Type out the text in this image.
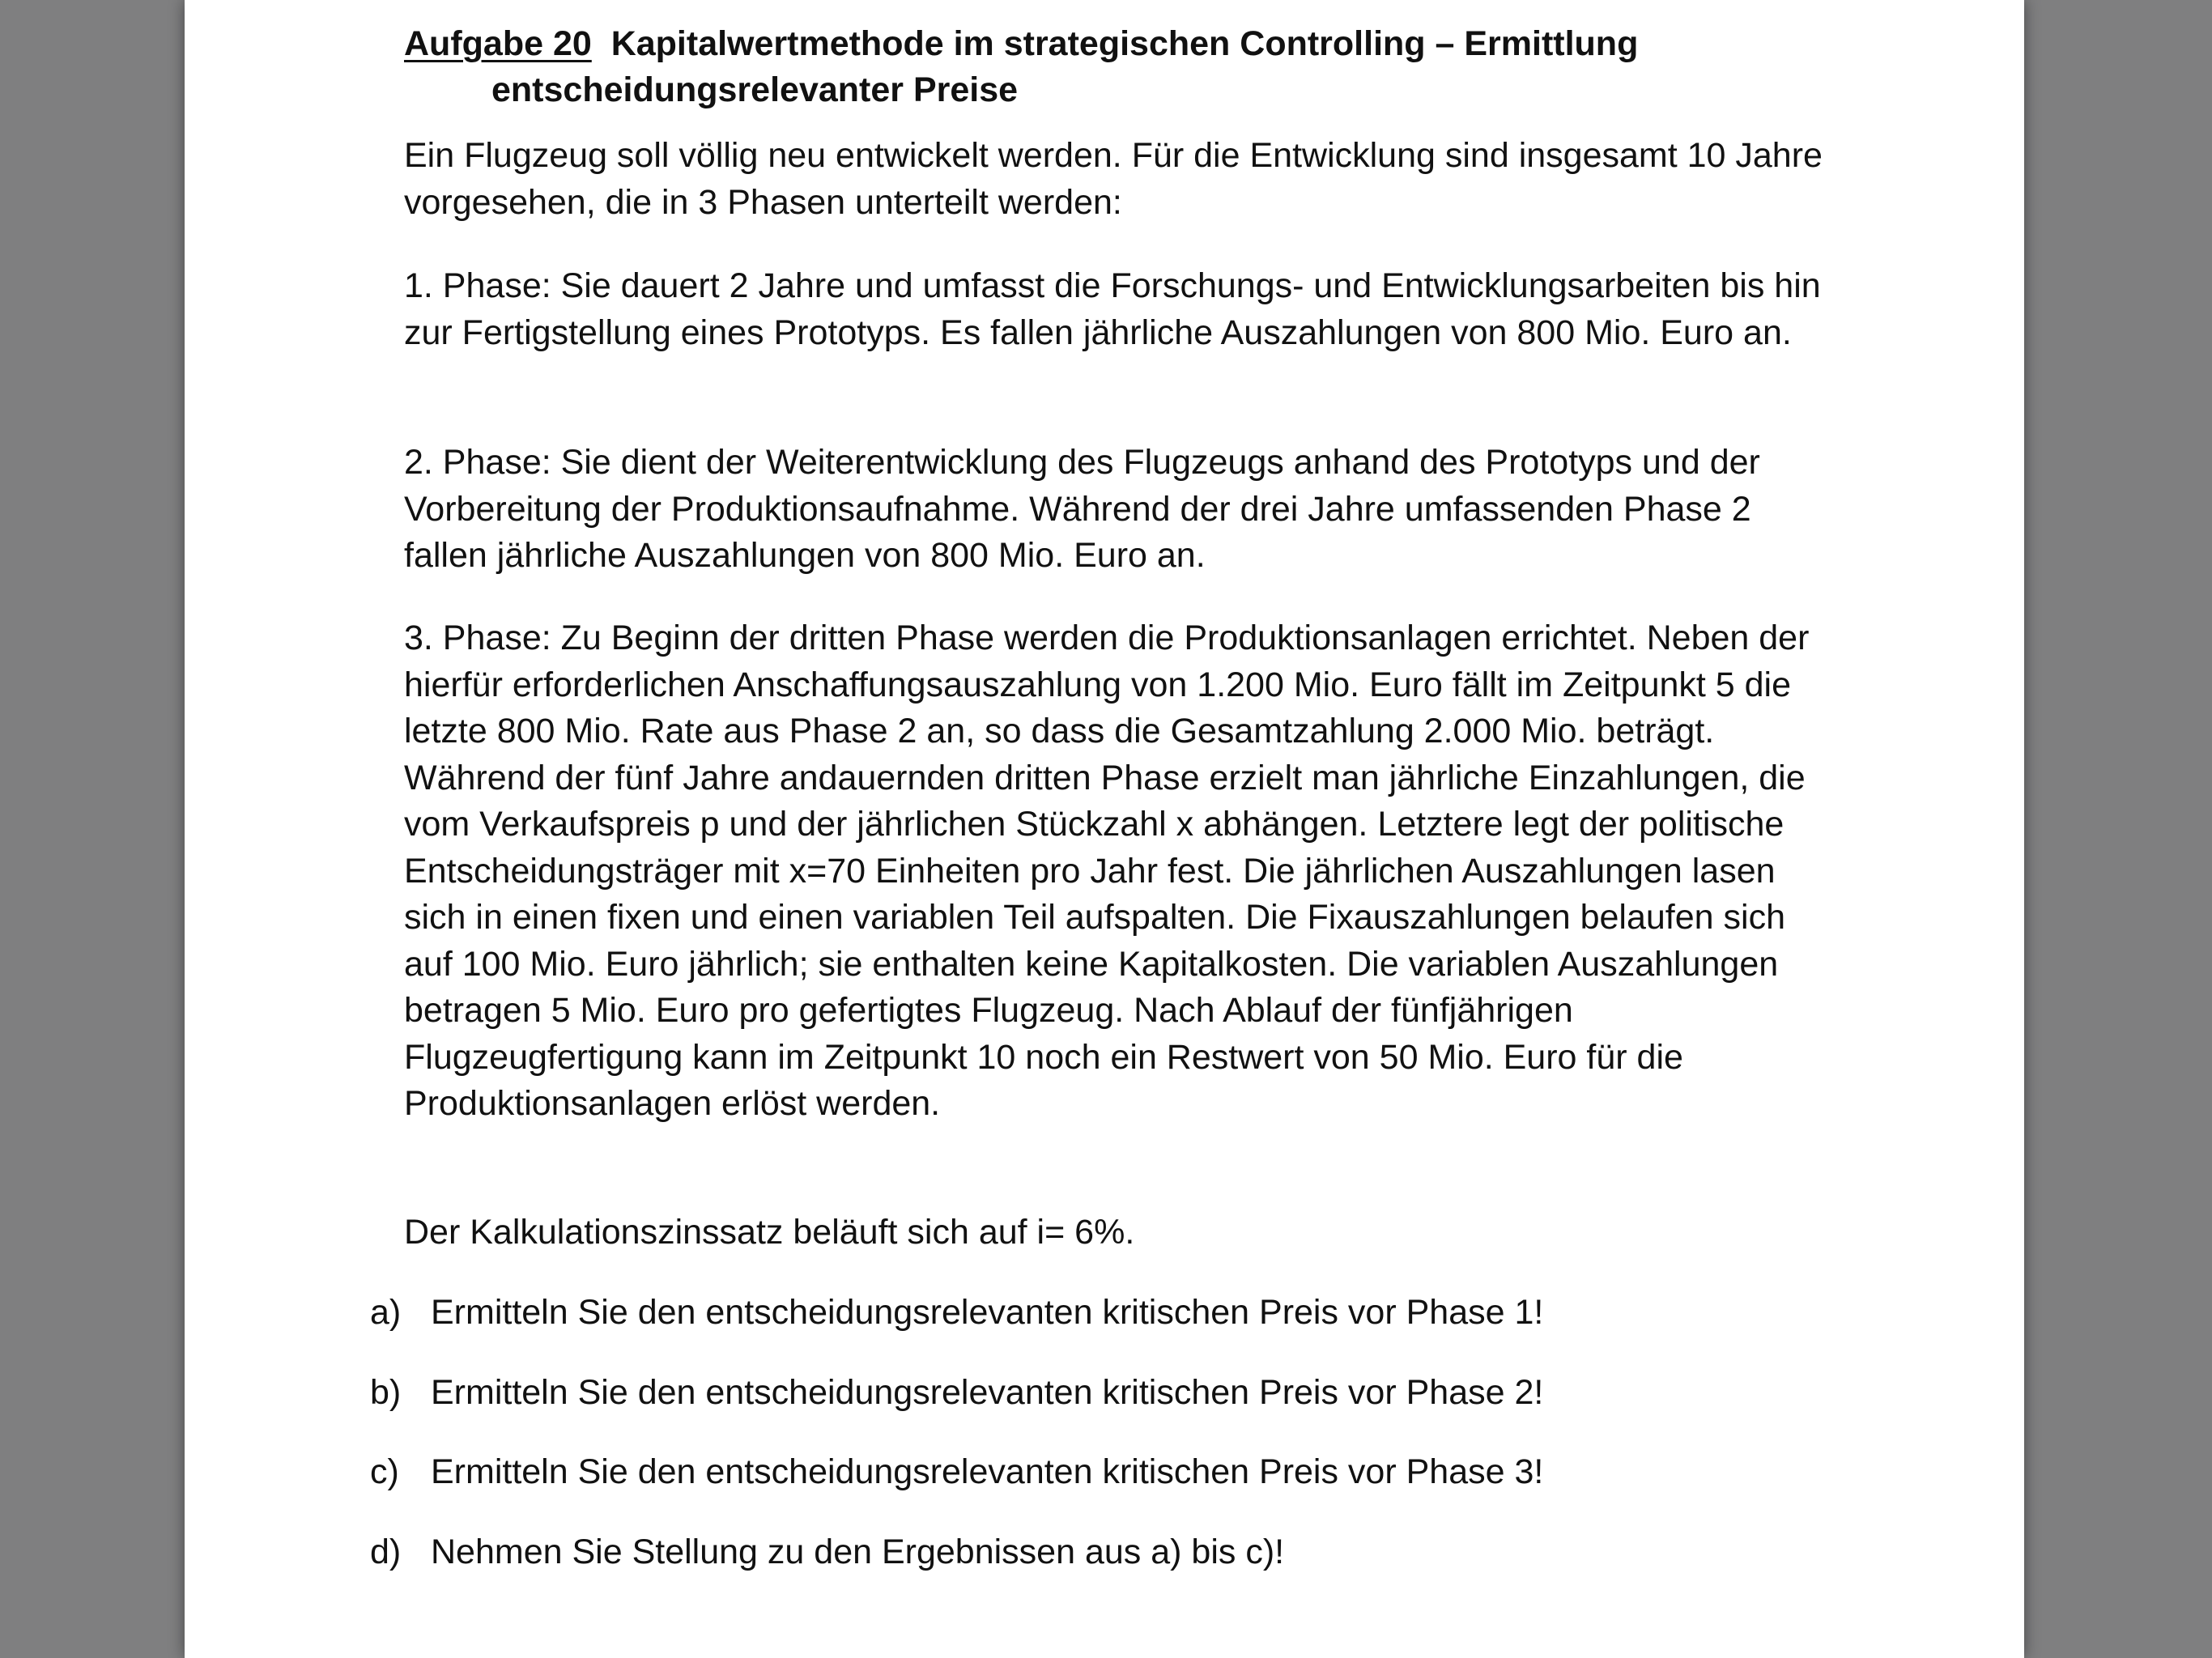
Aufgabe 20 Kapitalwertmethode im strategischen Controlling – Ermittlung
entscheidungsrelevanter Preise

Ein Flugzeug soll völlig neu entwickelt werden. Für die Entwicklung sind insgesamt 10 Jahre vorgesehen, die in 3 Phasen unterteilt werden:

1. Phase: Sie dauert 2 Jahre und umfasst die Forschungs- und Entwicklungsarbeiten bis hin zur Fertigstellung eines Prototyps. Es fallen jährliche Auszahlungen von 800 Mio. Euro an.

2. Phase: Sie dient der Weiterentwicklung des Flugzeugs anhand des Prototyps und der Vorbereitung der Produktionsaufnahme. Während der drei Jahre umfassenden Phase 2 fallen jährliche Auszahlungen von 800 Mio. Euro an.

3. Phase: Zu Beginn der dritten Phase werden die Produktionsanlagen errichtet. Neben der hierfür erforderlichen Anschaffungsauszahlung von 1.200 Mio. Euro fällt im Zeitpunkt 5 die letzte 800 Mio. Rate aus Phase 2 an, so dass die Gesamtzahlung 2.000 Mio. beträgt. Während der fünf Jahre andauernden dritten Phase erzielt man jährliche Einzahlungen, die vom Verkaufspreis p und der jährlichen Stückzahl x abhängen. Letztere legt der politische Entscheidungsträger mit x=70 Einheiten pro Jahr fest. Die jährlichen Auszahlungen lasen sich in einen fixen und einen variablen Teil aufspalten. Die Fixauszahlungen belaufen sich auf 100 Mio. Euro jährlich; sie enthalten keine Kapitalkosten. Die variablen Auszahlungen betragen 5 Mio. Euro pro gefertigtes Flugzeug. Nach Ablauf der fünfjährigen Flugzeugfertigung kann im Zeitpunkt 10 noch ein Restwert von 50 Mio. Euro für die Produktionsanlagen erlöst werden.

Der Kalkulationszinssatz beläuft sich auf i= 6%.

a) Ermitteln Sie den entscheidungsrelevanten kritischen Preis vor Phase 1!
b) Ermitteln Sie den entscheidungsrelevanten kritischen Preis vor Phase 2!
c) Ermitteln Sie den entscheidungsrelevanten kritischen Preis vor Phase 3!
d) Nehmen Sie Stellung zu den Ergebnissen aus a) bis c)!
